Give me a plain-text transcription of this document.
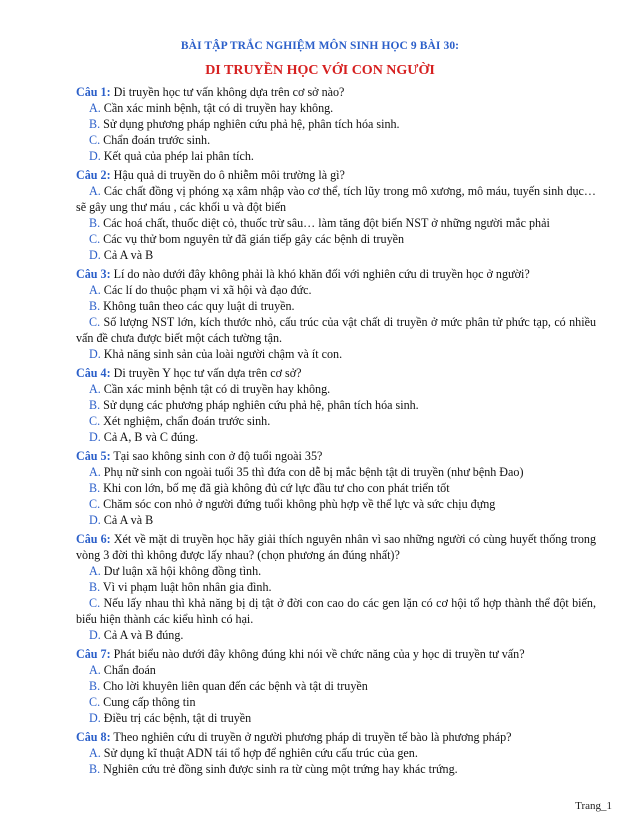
BÀI TẬP TRẮC NGHIỆM MÔN SINH HỌC 9 BÀI 30:
DI TRUYỀN HỌC VỚI CON NGƯỜI
Câu 1: Di truyền học tư vấn không dựa trên cơ sở nào?
A. Cần xác minh bệnh, tật có di truyền hay không.
B. Sử dụng phương pháp nghiên cứu phả hệ, phân tích hóa sinh.
C. Chẩn đoán trước sinh.
D. Kết quả của phép lai phân tích.
Câu 2: Hậu quả di truyền do ô nhiễm môi trường là gì?
A. Các chất đồng vị phóng xạ xâm nhập vào cơ thể, tích lũy trong mô xương, mô máu, tuyến sinh dục…sẽ gây ung thư máu , các khối u và đột biến
B. Các hoá chất, thuốc diệt cỏ, thuốc trừ sâu… làm tăng đột biến NST ở những người mắc phải
C. Các vụ thử bom nguyên tử đã gián tiếp gây các bệnh di truyền
D. Cả A và B
Câu 3: Lí do nào dưới đây không phải là khó khăn đối với nghiên cứu di truyền học ở người?
A. Các lí do thuộc phạm vi xã hội và đạo đức.
B. Không tuân theo các quy luật di truyền.
C. Số lượng NST lớn, kích thước nhỏ, cấu trúc của vật chất di truyền ở mức phân tử phức tạp, có nhiều vấn đề chưa được biết một cách tường tận.
D. Khả năng sinh sản của loài người chậm và ít con.
Câu 4: Di truyền Y học tư vấn dựa trên cơ sở?
A. Cần xác minh bệnh tật có di truyền hay không.
B. Sử dụng các phương pháp nghiên cứu phả hệ, phân tích hóa sinh.
C. Xét nghiệm, chẩn đoán trước sinh.
D. Cả A, B và C đúng.
Câu 5: Tại sao không sinh con ở độ tuổi ngoài 35?
A. Phụ nữ sinh con ngoài tuổi 35 thì đứa con dễ bị mắc bệnh tật di truyền (như bệnh Đao)
B. Khi con lớn, bố mẹ đã già không đủ cứ lực đầu tư cho con phát triển tốt
C. Chăm sóc con nhỏ ở người đứng tuổi không phù hợp về thể lực và sức chịu đựng
D. Cả A và B
Câu 6: Xét về mặt di truyền học hãy giải thích nguyên nhân vì sao những người có cùng huyết thống trong vòng 3 đời thì không được lấy nhau? (chọn phương án đúng nhất)?
A. Dư luận xã hội không đồng tình.
B. Vì vi phạm luật hôn nhân gia đình.
C. Nếu lấy nhau thì khả năng bị dị tật ở đời con cao do các gen lặn có cơ hội tổ hợp thành thể đột biến, biểu hiện thành các kiểu hình có hại.
D. Cả A và B đúng.
Câu 7: Phát biểu nào dưới đây không đúng khi nói về chức năng của y học di truyền tư vấn?
A. Chẩn đoán
B. Cho lời khuyên liên quan đến các bệnh và tật di truyền
C. Cung cấp thông tin
D. Điều trị các bệnh, tật di truyền
Câu 8: Theo nghiên cứu di truyền ở người phương pháp di truyền tế bào là phương pháp?
A. Sử dụng kĩ thuật ADN tái tổ hợp để nghiên cứu cấu trúc của gen.
B. Nghiên cứu trẻ đồng sinh được sinh ra từ cùng một trứng hay khác trứng.
Trang_1
